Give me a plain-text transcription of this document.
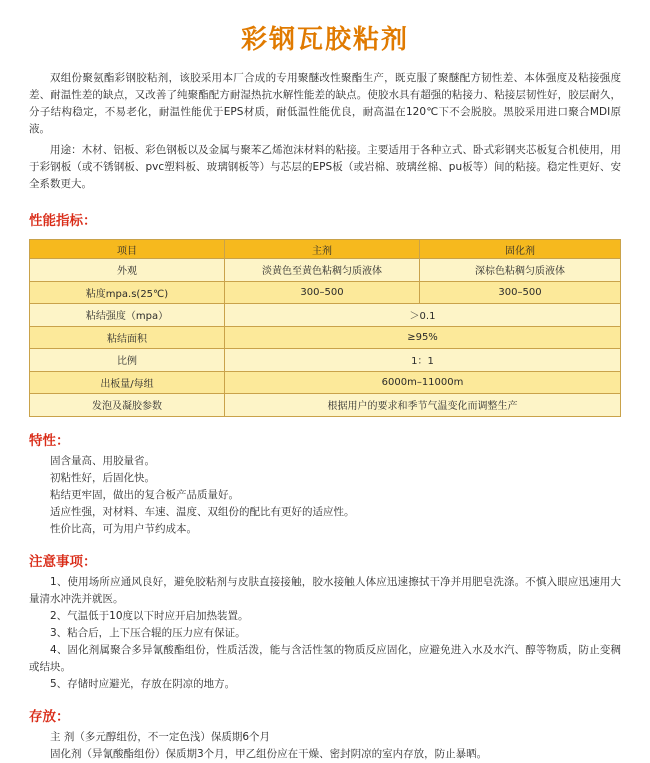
彩钢瓦胶粘剂

双组份聚氨酯彩钢胶粘剂，该胶采用本厂合成的专用聚醚改性聚酯生产，既克服了聚醚配方韧性差、本体强度及粘接强度差、耐温性差的缺点，又改善了纯聚酯配方耐湿热抗水解性能差的缺点。使胶水具有超强的粘接力、粘接层韧性好，胶层耐久，分子结构稳定，不易老化，耐温性能优于EPS材质，耐低温性能优良，耐高温在120℃下不会脱胶。黑胶采用进口聚合MDI原液。

用途：木材、铝板、彩色钢板以及金属与聚苯乙烯泡沫材料的粘接。主要适用于各种立式、卧式彩钢夹芯板复合机使用，用于彩钢板（或不锈钢板、pvc塑料板、玻璃钢板等）与芯层的EPS板（或岩棉、玻璃丝棉、pu板等）间的粘接。稳定性更好、安全系数更大。

性能指标：
项目	主剂	固化剂
外观	淡黄色至黄色粘稠匀质液体	深棕色粘稠匀质液体
粘度mpa.s(25℃)	300–500	300–500
粘结强度（mpa）	＞0.1	
粘结面积	≥95%	
比例	1：1	
出板量/每组	6000m–11000m	
发泡及凝胶参数	根据用户的要求和季节气温变化而调整生产	
特性：
固含量高、用胶量省。
初粘性好，后固化快。
粘结更牢固，做出的复合板产品质量好。
适应性强，对材料、车速、温度、双组份的配比有更好的适应性。
性价比高，可为用户节约成本。
注意事项：
1、使用场所应通风良好，避免胶粘剂与皮肤直接接触，胶水接触人体应迅速擦拭干净并用肥皂洗涤。不慎入眼应迅速用大量清水冲洗并就医。
2、气温低于10度以下时应开启加热装置。
3、粘合后，上下压合辊的压力应有保证。
4、固化剂属聚合多异氰酸酯组份，性质活泼，能与含活性氢的物质反应固化，应避免进入水及水汽、醇等物质，防止变稠或结块。
5、存储时应避光，存放在阴凉的地方。
存放：
主 剂（多元醇组份，不一定色浅）保质期6个月
固化剂（异氰酸酯组份）保质期3个月，甲乙组份应在干燥、密封阴凉的室内存放，防止暴晒。
